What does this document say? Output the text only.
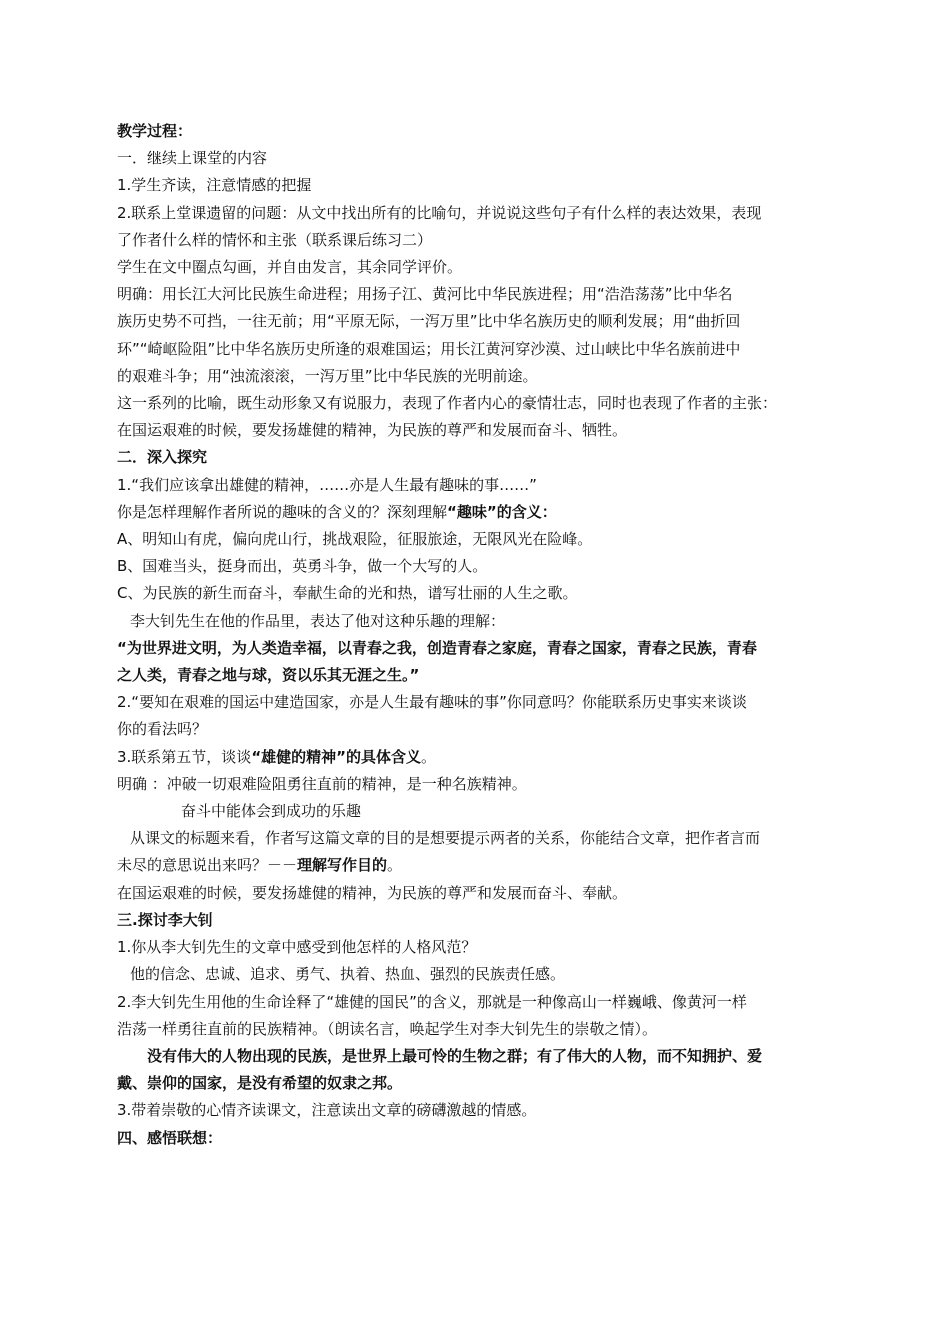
教学过程：
一．继续上课堂的内容
1.学生齐读，注意情感的把握
2.联系上堂课遗留的问题：从文中找出所有的比喻句，并说说这些句子有什么样的表达效果，表现
了作者什么样的情怀和主张（联系课后练习二）
学生在文中圈点勾画，并自由发言，其余同学评价。
明确：用长江大河比民族生命进程；用扬子江、黄河比中华民族进程；用“浩浩荡荡”比中华名
族历史势不可挡，一往无前；用“平原无际，一泻万里”比中华名族历史的顺利发展；用“曲折回
环”“崎岖险阻”比中华名族历史所逢的艰难国运；用长江黄河穿沙漠、过山峡比中华名族前进中
的艰难斗争；用“浊流滚滚，一泻万里”比中华民族的光明前途。
这一系列的比喻，既生动形象又有说服力，表现了作者内心的豪情壮志，同时也表现了作者的主张：
在国运艰难的时候，要发扬雄健的精神，为民族的尊严和发展而奋斗、牺牲。
二．深入探究
1.“我们应该拿出雄健的精神，……亦是人生最有趣味的事……”
你是怎样理解作者所说的趣味的含义的？深刻理解“趣味”的含义：
A、明知山有虎，偏向虎山行，挑战艰险，征服旅途，无限风光在险峰。
B、国难当头，挺身而出，英勇斗争，做一个大写的人。
C、为民族的新生而奋斗，奉献生命的光和热，谱写壮丽的人生之歌。
李大钊先生在他的作品里，表达了他对这种乐趣的理解：
“为世界进文明，为人类造幸福，以青春之我，创造青春之家庭，青春之国家，青春之民族，青春
之人类，青春之地与球，资以乐其无涯之生。”
2.“要知在艰难的国运中建造国家，亦是人生最有趣味的事”你同意吗？你能联系历史事实来谈谈
你的看法吗？
3.联系第五节，谈谈“雄健的精神”的具体含义。
明确 ：冲破一切艰难险阻勇往直前的精神，是一种名族精神。
奋斗中能体会到成功的乐趣
从课文的标题来看，作者写这篇文章的目的是想要提示两者的关系，你能结合文章，把作者言而
未尽的意思说出来吗？－－理解写作目的。
在国运艰难的时候，要发扬雄健的精神，为民族的尊严和发展而奋斗、奉献。
三.探讨李大钊
1.你从李大钊先生的文章中感受到他怎样的人格风范？
他的信念、忠诚、追求、勇气、执着、热血、强烈的民族责任感。
2.李大钊先生用他的生命诠释了“雄健的国民”的含义，那就是一种像高山一样巍峨、像黄河一样
浩荡一样勇往直前的民族精神。（朗读名言，唤起学生对李大钊先生的崇敬之情）。
没有伟大的人物出现的民族，是世界上最可怜的生物之群；有了伟大的人物，而不知拥护、爱
戴、崇仰的国家，是没有希望的奴隶之邦。
3.带着崇敬的心情齐读课文，注意读出文章的磅礴激越的情感。
四、感悟联想：
